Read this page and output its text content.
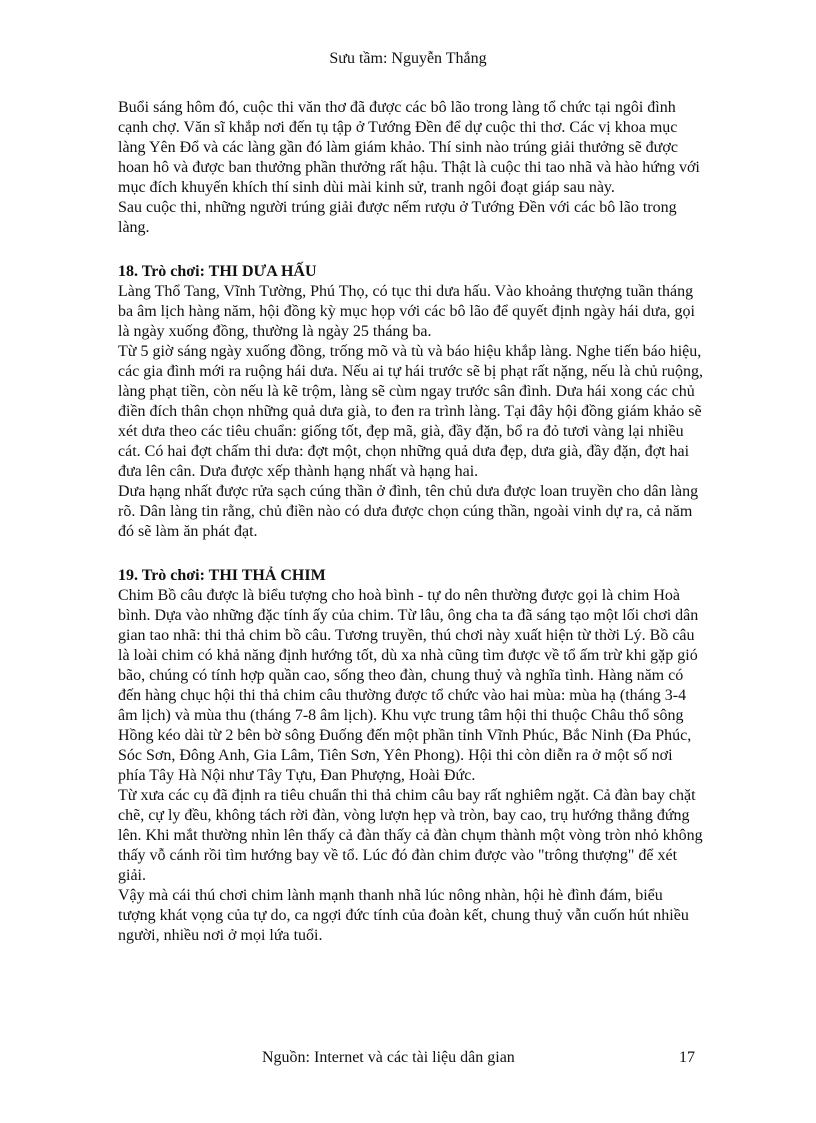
Sưu tầm: Nguyễn Thắng

Buổi sáng hôm đó, cuộc thi văn thơ đã được các bô lão trong làng tổ chức tại ngôi đình cạnh chợ. Văn sĩ khắp nơi đến tụ tập ở Tướng Đền để dự cuộc thi thơ. Các vị khoa mục làng Yên Đổ và các làng gần đó làm giám khảo. Thí sinh nào trúng giải thưởng sẽ được hoan hô và được ban thưởng phần thưởng rất hậu. Thật là cuộc thi tao nhã và hào hứng với mục đích khuyến khích thí sinh dùi mài kinh sử, tranh ngôi đoạt giáp sau này.

Sau cuộc thi, những người trúng giải được nếm rượu ở Tướng Đền với các bô lão trong làng.

18. Trò chơi: THI DƯA HẤU

Làng Thổ Tang, Vĩnh Tường, Phú Thọ, có tục thi dưa hấu. Vào khoảng thượng tuần tháng ba âm lịch hàng năm, hội đồng kỳ mục họp với các bô lão để quyết định ngày hái dưa, gọi là ngày xuống đồng, thường là ngày 25 tháng ba.

Từ 5 giờ sáng ngày xuống đồng, trống mõ và tù và báo hiệu khắp làng. Nghe tiến báo hiệu, các gia đình mới ra ruộng hái dưa. Nếu ai tự hái trước sẽ bị phạt rất nặng, nếu là chủ ruộng, làng phạt tiền, còn nếu là kẽ trộm, làng sẽ cùm ngay trước sân đình. Dưa hái xong các chủ điền đích thân chọn những quả dưa già, to đen ra trình làng. Tại đây hội đồng giám khảo sẽ xét dưa theo các tiêu chuẩn: giống tốt, đẹp mã, già, đầy đặn, bổ ra đỏ tươi vàng lại nhiều cát. Có hai đợt chấm thi dưa: đợt một, chọn những quả dưa đẹp, dưa già, đầy đặn, đợt hai đưa lên cân. Dưa được xếp thành hạng nhất và hạng hai.

Dưa hạng nhất được rửa sạch cúng thần ở đình, tên chủ dưa được loan truyền cho dân làng rõ. Dân làng tin rằng, chủ điền nào có dưa được chọn cúng thần, ngoài vinh dự ra, cả năm đó sẽ làm ăn phát đạt.

19. Trò chơi: THI THẢ CHIM

Chim Bồ câu được là biểu tượng cho hoà bình - tự do nên thường được gọi là chim Hoà bình. Dựa vào những đặc tính ấy của chim. Từ lâu, ông cha ta đã sáng tạo một lối chơi dân gian tao nhã: thi thả chim bồ câu. Tương truyền, thú chơi này xuất hiện từ thời Lý. Bồ câu là loài chim có khả năng định hướng tốt, dù xa nhà cũng tìm được về tổ ấm trừ khi gặp gió bão, chúng có tính hợp quần cao, sống theo đàn, chung thuỷ và nghĩa tình. Hàng năm có đến hàng chục hội thi thả chim câu thường được tổ chức vào hai mùa: mùa hạ (tháng 3-4 âm lịch) và mùa thu (tháng 7-8 âm lịch). Khu vực trung tâm hội thi thuộc Châu thổ sông Hồng kéo dài từ 2 bên bờ sông Đuống đến một phần tỉnh Vĩnh Phúc, Bắc Ninh (Đa Phúc, Sóc Sơn, Đông Anh, Gia Lâm, Tiên Sơn, Yên Phong). Hội thi còn diễn ra ở một số nơi phía Tây Hà Nội như Tây Tựu, Đan Phượng, Hoài Đức.

Từ xưa các cụ đã định ra tiêu chuẩn thi thả chim câu bay rất nghiêm ngặt. Cả đàn bay chặt chẽ, cự ly đều, không tách rời đàn, vòng lượn hẹp và tròn, bay cao, trụ hướng thẳng đứng lên. Khi mắt thường nhìn lên thấy cả đàn thấy cả đàn chụm thành một vòng tròn nhỏ không thấy vỗ cánh rồi tìm hướng bay về tổ. Lúc đó đàn chim được vào "trông thượng" để xét giải.

Vậy mà cái thú chơi chim lành mạnh thanh nhã lúc nông nhàn, hội hè đình đám, biểu tượng khát vọng của tự do, ca ngợi đức tính của đoàn kết, chung thuỷ vẫn cuốn hút nhiều người, nhiều nơi ở mọi lứa tuổi.

Nguồn: Internet và các tài liệu dân gian	17
